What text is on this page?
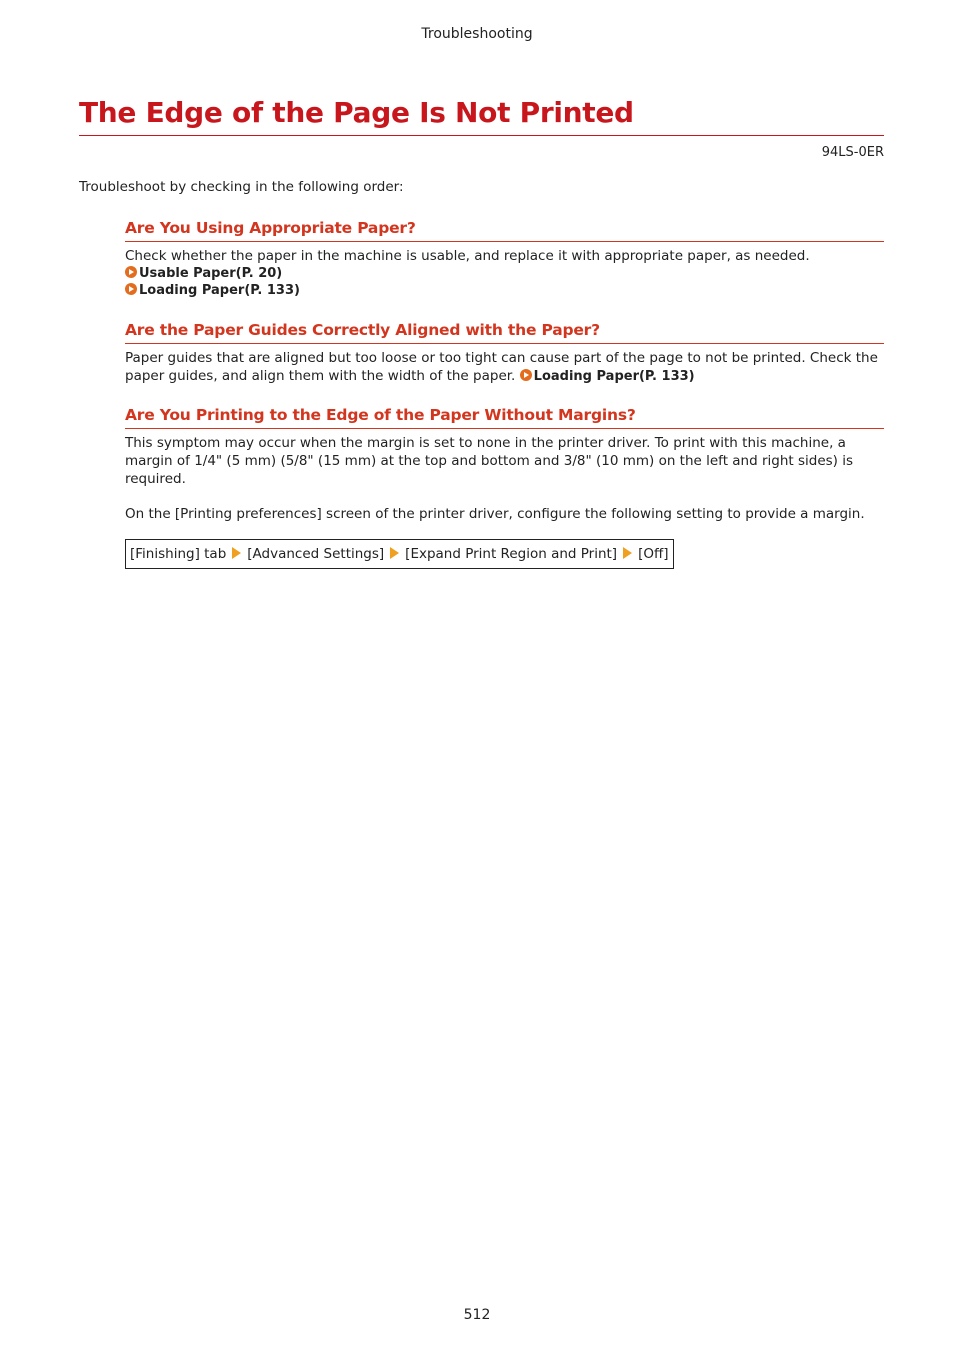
Troubleshooting
The Edge of the Page Is Not Printed
94LS-0ER

Troubleshoot by checking in the following order:

Are You Using Appropriate Paper?

Check whether the paper in the machine is usable, and replace it with appropriate paper, as needed.

Usable Paper(P. 20)
Loading Paper(P. 133)
Are the Paper Guides Correctly Aligned with the Paper?

Paper guides that are aligned but too loose or too tight can cause part of the page to not be printed. Check the paper guides, and align them with the width of the paper. Loading Paper(P. 133)

Are You Printing to the Edge of the Paper Without Margins?

This symptom may occur when the margin is set to none in the printer driver. To print with this machine, a margin of 1/4" (5 mm) (5/8" (15 mm) at the top and bottom and 3/8" (10 mm) on the left and right sides) is required.

On the [Printing preferences] screen of the printer driver, configure the following setting to provide a margin.

[Finishing] tab [Advanced Settings] [Expand Print Region and Print] [Off]
512
